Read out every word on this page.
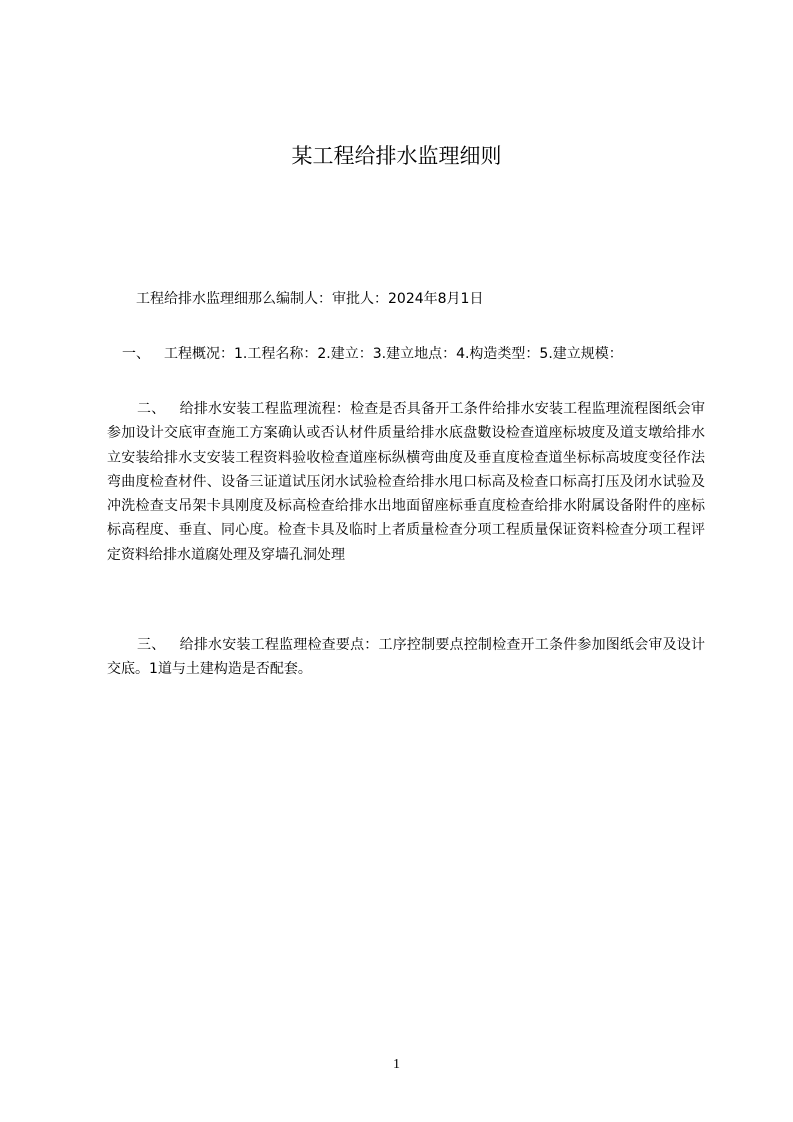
某工程给排水监理细则

工程给排水监理细那么编制人：审批人：2024年8月1日

一、 工程概况：1.工程名称：2.建立：3.建立地点：4.构造类型：5.建立规模：

二、 给排水安装工程监理流程：检查是否具备开工条件给排水安装工程监理流程图纸会审参加设计交底审查施工方案确认或否认材件质量给排水底盘數设检查道座标坡度及道支墩给排水立安装给排水支安装工程资料验收检查道座标纵横弯曲度及垂直度检查道坐标标高坡度变径作法弯曲度检查材件、设备三证道试压闭水试验检查给排水甩口标高及检查口标高打压及闭水试验及冲洗检查支吊架卡具刚度及标高检查给排水出地面留座标垂直度检查给排水附属设备附件的座标标高程度、垂直、同心度。检查卡具及临时上者质量检查分项工程质量保证资料检查分项工程评定资料给排水道腐处理及穿墙孔洞处理

三、 给排水安装工程监理检查要点：工序控制要点控制检查开工条件参加图纸会审及设计交底。1道与土建构造是否配套。

1
